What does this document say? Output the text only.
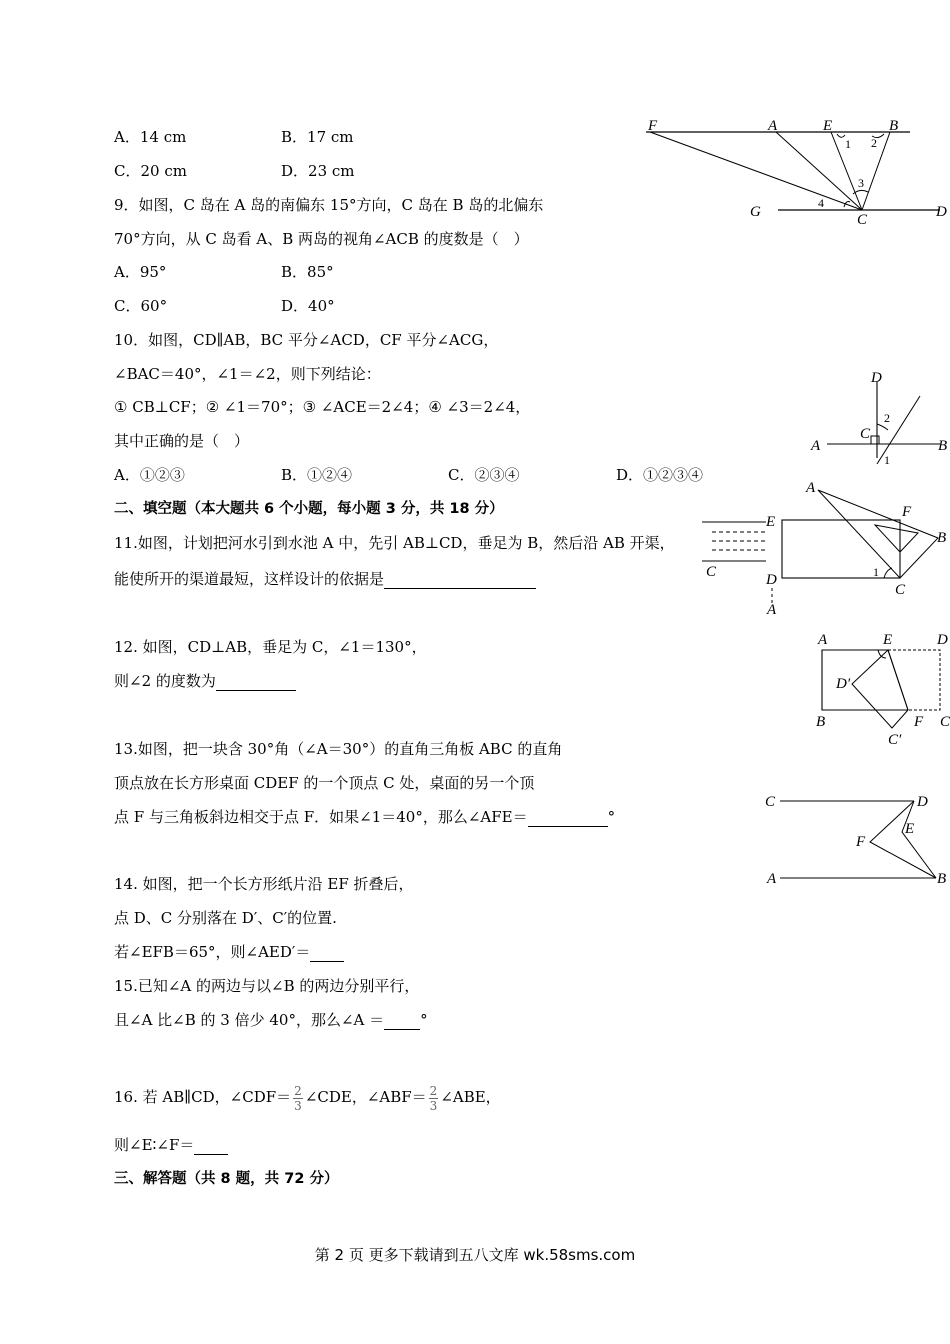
A．14 cm	B．17 cm
C．20 cm	D．23 cm
9．如图，C 岛在 A 岛的南偏东 15°方向，C 岛在 B 岛的北偏东
70°方向，从 C 岛看 A、B 两岛的视角∠ACB 的度数是（　）
A．95°	B．85°
C．60°	D．40°
10．如图，CD∥AB，BC 平分∠ACD，CF 平分∠ACG，
∠BAC＝40°，∠1＝∠2，则下列结论：
① CB⊥CF；② ∠1＝70°；③ ∠ACE＝2∠4；④ ∠3＝2∠4，
其中正确的是（　）
A．①②③	B．①②④	C．②③④	D．①②③④
二、填空题（本大题共 6 个小题，每小题 3 分，共 18 分）
11.如图，计划把河水引到水池 A 中，先引 AB⊥CD，垂足为 B，然后沿 AB 开渠，
能使所开的渠道最短，这样设计的依据是
12. 如图，CD⊥AB，垂足为 C，∠1＝130°，
则∠2 的度数为
13.如图，把一块含 30°角（∠A＝30°）的直角三角板 ABC 的直角
顶点放在长方形桌面 CDEF 的一个顶点 C 处，桌面的另一个顶
点 F 与三角板斜边相交于点 F．如果∠1＝40°，那么∠AFE＝	°
14. 如图，把一个长方形纸片沿 EF 折叠后，
点 D、C 分别落在 D′、C′的位置.
若∠EFB＝65°，则∠AED′＝
15.已知∠A 的两边与以∠B 的两边分别平行，
且∠A 比∠B 的 3 倍少 40°，那么∠A ＝ °
16. 若 AB∥CD，∠CDF＝ $\frac{2}{3}$ ∠CDE，∠ABF＝ $\frac{2}{3}$ ∠ABE，
则∠E∶∠F＝
三、解答题（共 8 题，共 72 分）
F	A	E	B
G	C	D
1 2
3
4
D
A
C
B
1
2
E
C	D
A
A
F
B
C
1
A	E	D
D′
B	F C
C′
C	D
E
F
A	B
第 2 页 更多下载请到五八文库 wk.58sms.com
